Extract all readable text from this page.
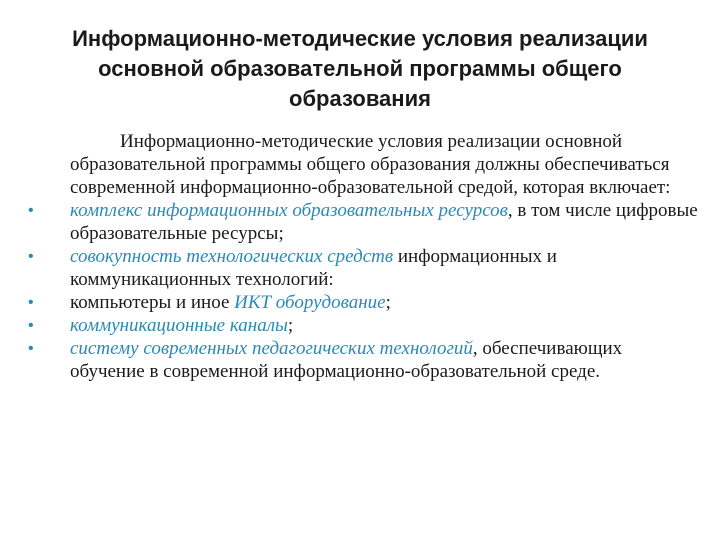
Информационно-методические условия реализации основной образовательной программы общего образования

Информационно-методические условия реализации основной образовательной программы общего образования должны обеспечиваться современной информационно-образовательной средой, которая включает:

• комплекс информационных образовательных ресурсов, в том числе цифровые образовательные ресурсы;
• совокупность технологических средств информационных и коммуникационных технологий:
• компьютеры и иное ИКТ оборудование;
• коммуникационные каналы;
• систему современных педагогических технологий, обеспечивающих обучение в современной информационно-образовательной среде.
